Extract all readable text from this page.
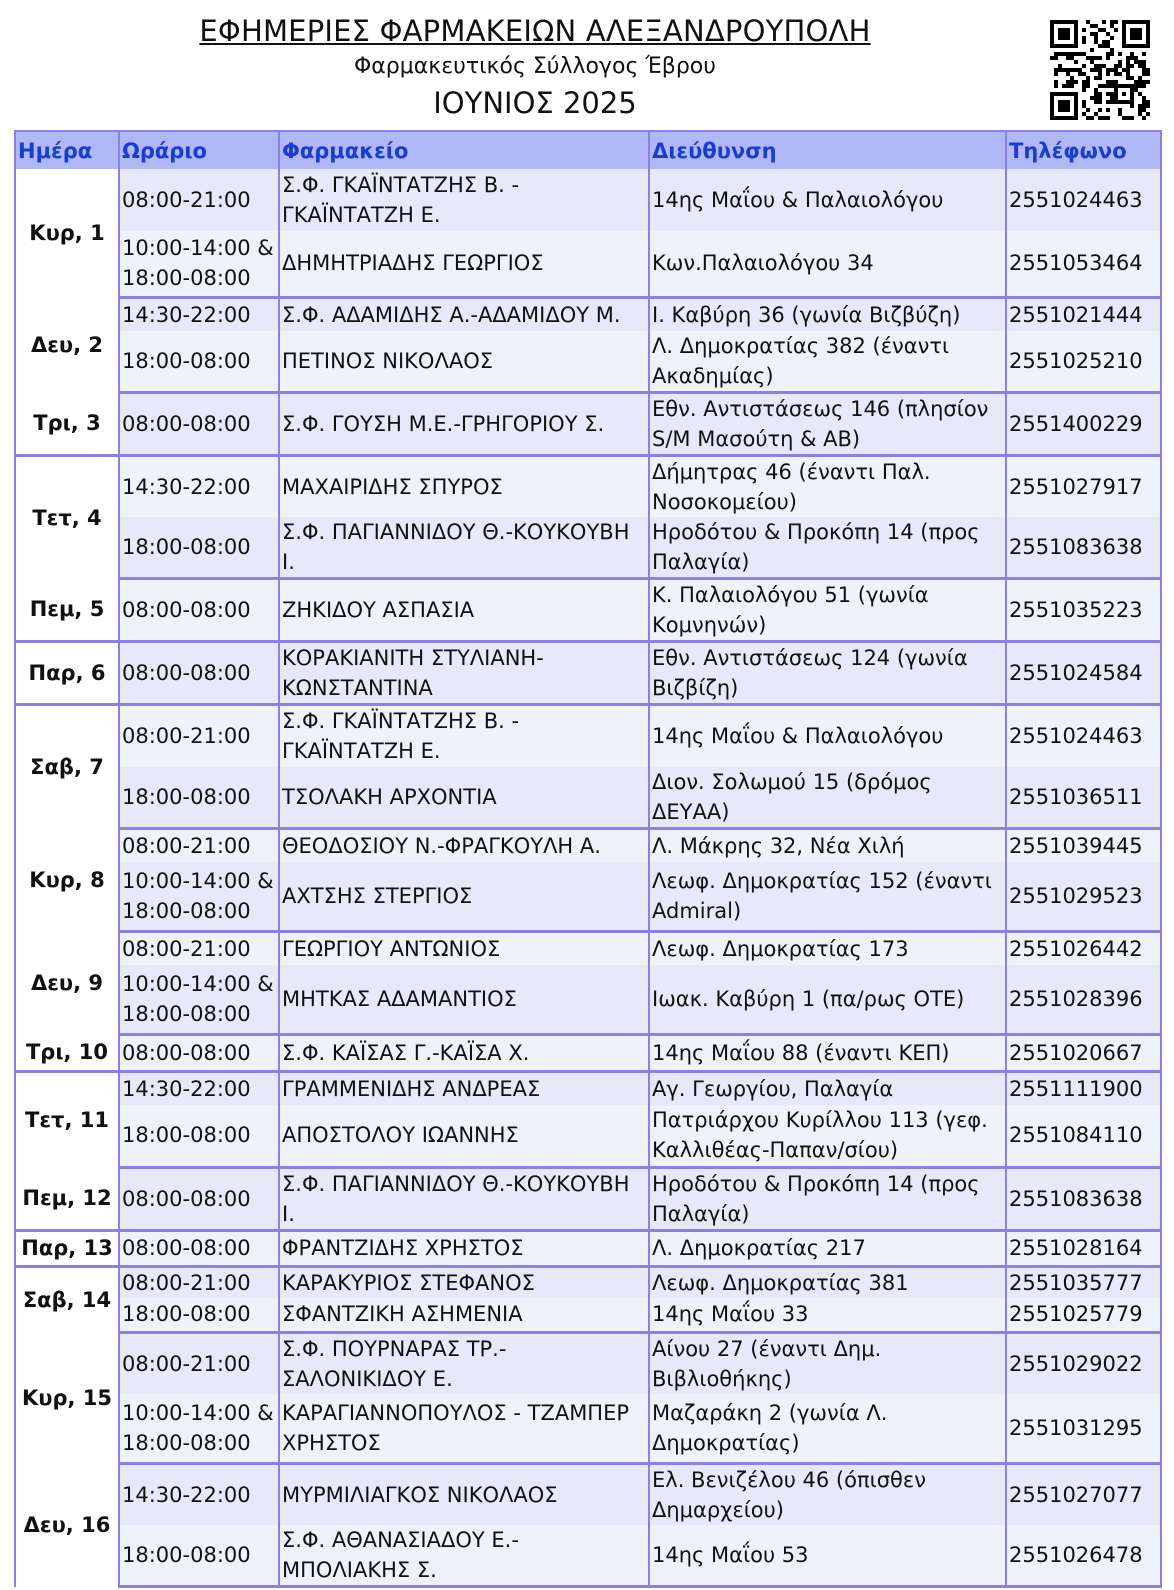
ΕΦΗΜΕΡΙΕΣ ΦΑΡΜΑΚΕΙΩΝ ΑΛΕΞΑΝΔΡΟΥΠΟΛΗ
Φαρμακευτικός Σύλλογος Έβρου
ΙΟΥΝΙΟΣ 2025
Ημέρα	Ωράριο	Φαρμακείο	Διεύθυνση	Τηλέφωνο
Κυρ, 1	08:00-21:00	Σ.Φ. ΓΚΑΪΝΤΑΤΖΗΣ Β. - ΓΚΑΪΝΤΑΤΖΗ Ε.	14ης Μαΐου & Παλαιολόγου	2551024463
	10:00-14:00 & 18:00-08:00	ΔΗΜΗΤΡΙΑΔΗΣ ΓΕΩΡΓΙΟΣ	Κων.Παλαιολόγου 34	2551053464
Δευ, 2	14:30-22:00	Σ.Φ. ΑΔΑΜΙΔΗΣ Α.-ΑΔΑΜΙΔΟΥ Μ.	Ι. Καβύρη 36 (γωνία Βιζβύζη)	2551021444
	18:00-08:00	ΠΕΤΙΝΟΣ ΝΙΚΟΛΑΟΣ	Λ. Δημοκρατίας 382 (έναντι Ακαδημίας)	2551025210
Τρι, 3	08:00-08:00	Σ.Φ. ΓΟΥΣΗ Μ.Ε.-ΓΡΗΓΟΡΙΟΥ Σ.	Εθν. Αντιστάσεως 146 (πλησίον S/M Μασούτη & ΑΒ)	2551400229
Τετ, 4	14:30-22:00	ΜΑΧΑΙΡΙΔΗΣ ΣΠΥΡΟΣ	Δήμητρας 46 (έναντι Παλ. Νοσοκομείου)	2551027917
	18:00-08:00	Σ.Φ. ΠΑΓΙΑΝΝΙΔΟΥ Θ.-ΚΟΥΚΟΥΒΗ Ι.	Ηροδότου & Προκόπη 14 (προς Παλαγία)	2551083638
Πεμ, 5	08:00-08:00	ΖΗΚΙΔΟΥ ΑΣΠΑΣΙΑ	Κ. Παλαιολόγου 51 (γωνία Κομνηνών)	2551035223
Παρ, 6	08:00-08:00	ΚΟΡΑΚΙΑΝΙΤΗ ΣΤΥΛΙΑΝΗ-ΚΩΝΣΤΑΝΤΙΝΑ	Εθν. Αντιστάσεως 124 (γωνία Βιζβίζη)	2551024584
Σαβ, 7	08:00-21:00	Σ.Φ. ΓΚΑΪΝΤΑΤΖΗΣ Β. - ΓΚΑΪΝΤΑΤΖΗ Ε.	14ης Μαΐου & Παλαιολόγου	2551024463
	18:00-08:00	ΤΣΟΛΑΚΗ ΑΡΧΟΝΤΙΑ	Διον. Σολωμού 15 (δρόμος ΔΕΥΑΑ)	2551036511
Κυρ, 8	08:00-21:00	ΘΕΟΔΟΣΙΟΥ Ν.-ΦΡΑΓΚΟΥΛΗ Α.	Λ. Μάκρης 32, Νέα Χιλή	2551039445
	10:00-14:00 & 18:00-08:00	ΑΧΤΣΗΣ ΣΤΕΡΓΙΟΣ	Λεωφ. Δημοκρατίας 152 (έναντι Admiral)	2551029523
Δευ, 9	08:00-21:00	ΓΕΩΡΓΙΟΥ ΑΝΤΩΝΙΟΣ	Λεωφ. Δημοκρατίας 173	2551026442
	10:00-14:00 & 18:00-08:00	ΜΗΤΚΑΣ ΑΔΑΜΑΝΤΙΟΣ	Ιωακ. Καβύρη 1 (πα/ρως ΟΤΕ)	2551028396
Τρι, 10	08:00-08:00	Σ.Φ. ΚΑΪΣΑΣ Γ.-ΚΑΪΣΑ Χ.	14ης Μαΐου 88 (έναντι ΚΕΠ)	2551020667
Τετ, 11	14:30-22:00	ΓΡΑΜΜΕΝΙΔΗΣ ΑΝΔΡΕΑΣ	Αγ. Γεωργίου, Παλαγία	2551111900
	18:00-08:00	ΑΠΟΣΤΟΛΟΥ ΙΩΑΝΝΗΣ	Πατριάρχου Κυρίλλου 113 (γεφ. Καλλιθέας-Παπαν/σίου)	2551084110
Πεμ, 12	08:00-08:00	Σ.Φ. ΠΑΓΙΑΝΝΙΔΟΥ Θ.-ΚΟΥΚΟΥΒΗ Ι.	Ηροδότου & Προκόπη 14 (προς Παλαγία)	2551083638
Παρ, 13	08:00-08:00	ΦΡΑΝΤΖΙΔΗΣ ΧΡΗΣΤΟΣ	Λ. Δημοκρατίας 217	2551028164
Σαβ, 14	08:00-21:00	ΚΑΡΑΚΥΡΙΟΣ ΣΤΕΦΑΝΟΣ	Λεωφ. Δημοκρατίας 381	2551035777
	18:00-08:00	ΣΦΑΝΤΖΙΚΗ ΑΣΗΜΕΝΙΑ	14ης Μαΐου 33	2551025779
Κυρ, 15	08:00-21:00	Σ.Φ. ΠΟΥΡΝΑΡΑΣ ΤΡ.-ΣΑΛΟΝΙΚΙΔΟΥ Ε.	Αίνου 27 (έναντι Δημ. Βιβλιοθήκης)	2551029022
	10:00-14:00 & 18:00-08:00	ΚΑΡΑΓΙΑΝΝΟΠΟΥΛΟΣ - ΤΖΑΜΠΕΡ ΧΡΗΣΤΟΣ	Μαζαράκη 2 (γωνία Λ. Δημοκρατίας)	2551031295
Δευ, 16	14:30-22:00	ΜΥΡΜΙΛΙΑΓΚΟΣ ΝΙΚΟΛΑΟΣ	Ελ. Βενιζέλου 46 (όπισθεν Δημαρχείου)	2551027077
	18:00-08:00	Σ.Φ. ΑΘΑΝΑΣΙΑΔΟΥ Ε.-ΜΠΟΛΙΑΚΗΣ Σ.	14ης Μαΐου 53	2551026478
